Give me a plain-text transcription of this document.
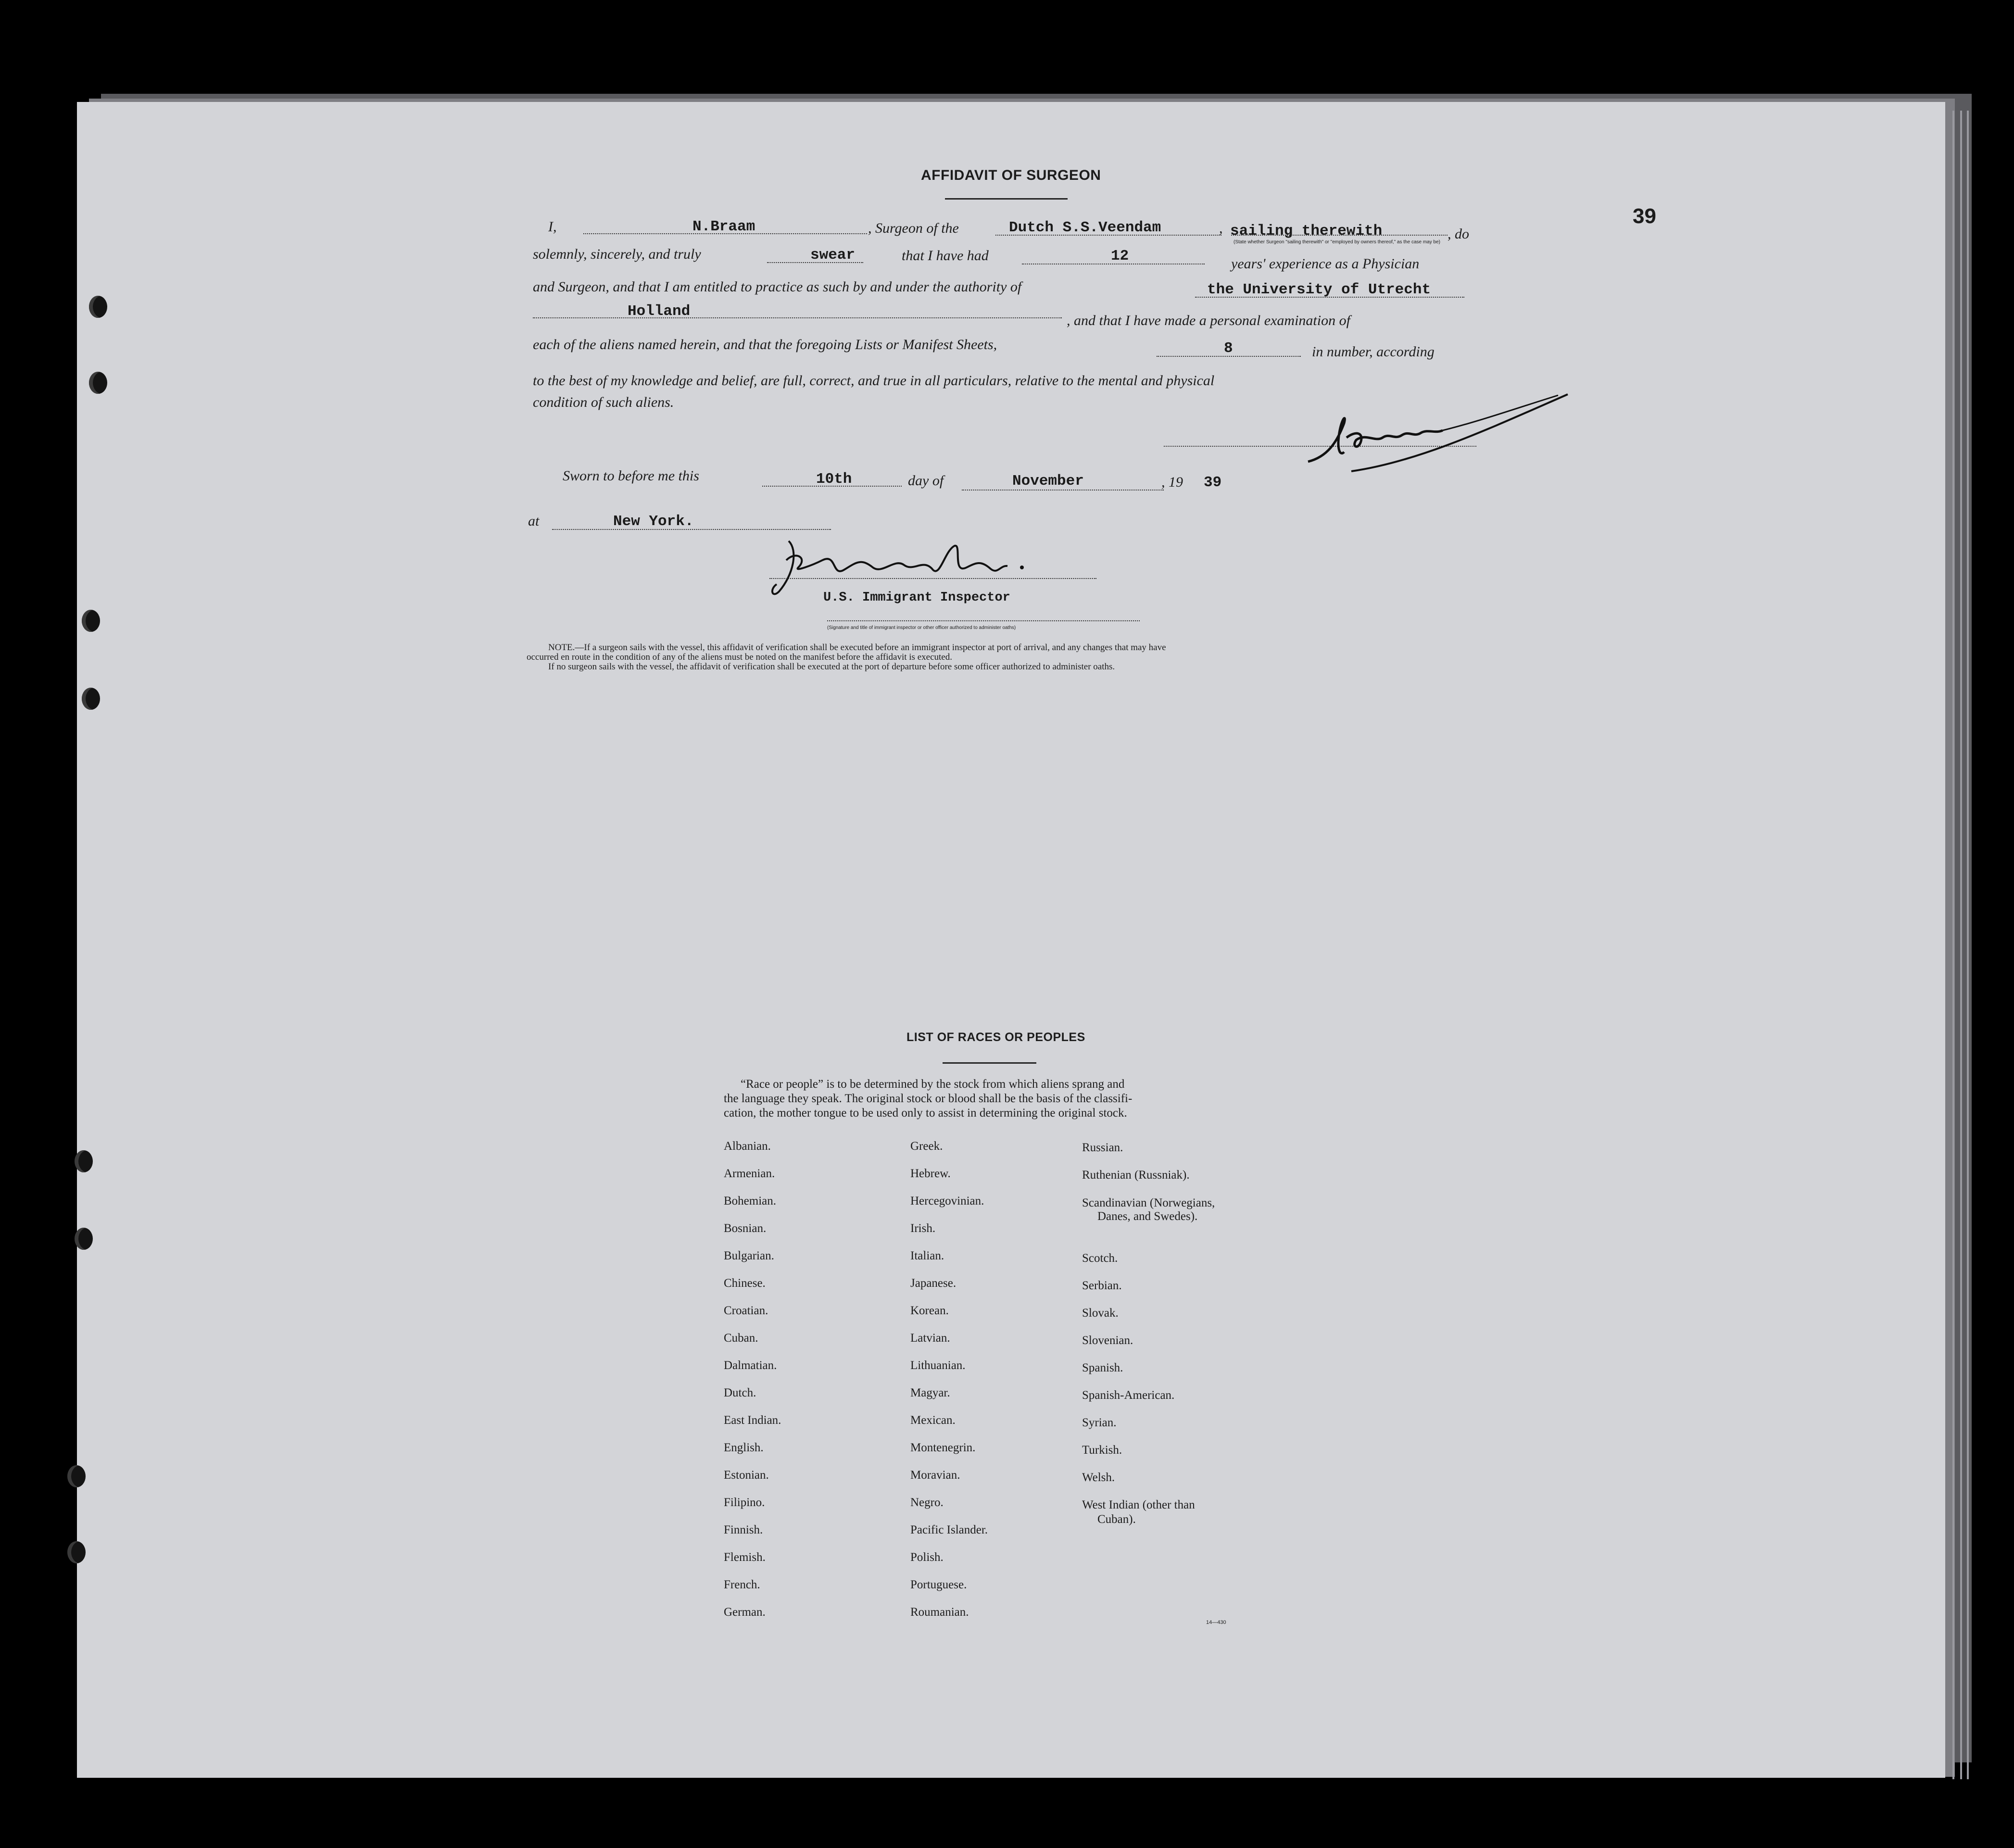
39
AFFIDAVIT OF SURGEON
I,	N.Braam	, Surgeon of the	Dutch S.S.Veendam	, sailing therewith	, do
(State whether Surgeon "sailing therewith" or "employed by owners thereof," as the case may be)
solemnly, sincerely, and truly	swear	that I have had	12	years' experience as a Physician
and Surgeon, and that I am entitled to practice as such by and under the authority of	the University of Utrecht
Holland
, and that I have made a personal examination of
each of the aliens named herein, and that the foregoing Lists or Manifest Sheets,	8	in number, according
to the best of my knowledge and belief, are full, correct, and true in all particulars, relative to the mental and physical
condition of such aliens.
Sworn to before me this	10th	day of	November	, 19 39
at	New York.
U.S. Immigrant Inspector
(Signature and title of immigrant inspector or other officer authorized to administer oaths)
NOTE.—If a surgeon sails with the vessel, this affidavit of verification shall be executed before an immigrant inspector at port of arrival, and any changes that may have
occurred en route in the condition of any of the aliens must be noted on the manifest before the affidavit is executed.
If no surgeon sails with the vessel, the affidavit of verification shall be executed at the port of departure before some officer authorized to administer oaths.
LIST OF RACES OR PEOPLES
“Race or people” is to be determined by the stock from which aliens sprang and
the language they speak. The original stock or blood shall be the basis of the classifi-
cation, the mother tongue to be used only to assist in determining the original stock.
Albanian.
Armenian.
Bohemian.
Bosnian.
Bulgarian.
Chinese.
Croatian.
Cuban.
Dalmatian.
Dutch.
East Indian.
English.
Estonian.
Filipino.
Finnish.
Flemish.
French.
German.
Greek.
Hebrew.
Hercegovinian.
Irish.
Italian.
Japanese.
Korean.
Latvian.
Lithuanian.
Magyar.
Mexican.
Montenegrin.
Moravian.
Negro.
Pacific Islander.
Polish.
Portuguese.
Roumanian.
Russian.
Ruthenian (Russniak).
Scandinavian (Norwegians,
Danes, and Swedes).
Scotch.
Serbian.
Slovak.
Slovenian.
Spanish.
Spanish-American.
Syrian.
Turkish.
Welsh.
West Indian (other than
Cuban).
14—430
